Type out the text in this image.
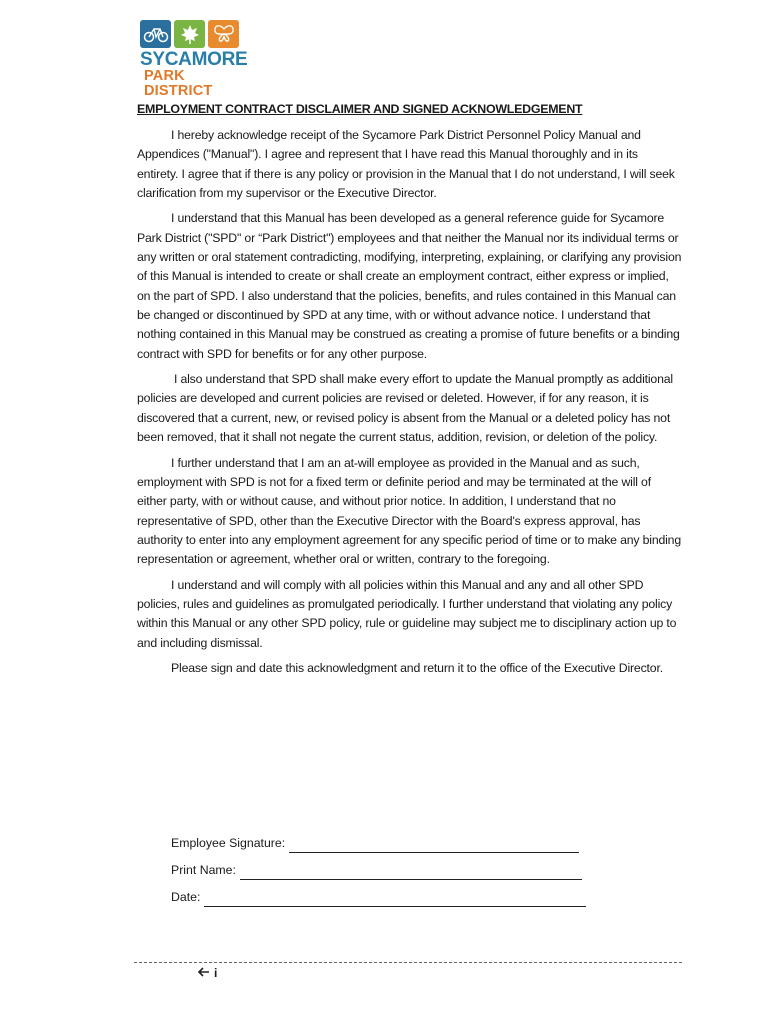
SYCAMORE
PARK DISTRICT

EMPLOYMENT CONTRACT DISCLAIMER AND SIGNED ACKNOWLEDGEMENT

I hereby acknowledge receipt of the Sycamore Park District Personnel Policy Manual and Appendices ("Manual"). I agree and represent that I have read this Manual thoroughly and in its entirety. I agree that if there is any policy or provision in the Manual that I do not understand, I will seek clarification from my supervisor or the Executive Director.

I understand that this Manual has been developed as a general reference guide for Sycamore Park District ("SPD" or “Park District") employees and that neither the Manual nor its individual terms or any written or oral statement contradicting, modifying, interpreting, explaining, or clarifying any provision of this Manual is intended to create or shall create an employment contract, either express or implied, on the part of SPD. I also understand that the policies, benefits, and rules contained in this Manual can be changed or discontinued by SPD at any time, with or without advance notice. I understand that nothing contained in this Manual may be construed as creating a promise of future benefits or a binding contract with SPD for benefits or for any other purpose.

I also understand that SPD shall make every effort to update the Manual promptly as additional policies are developed and current policies are revised or deleted. However, if for any reason, it is discovered that a current, new, or revised policy is absent from the Manual or a deleted policy has not been removed, that it shall not negate the current status, addition, revision, or deletion of the policy.

I further understand that I am an at-will employee as provided in the Manual and as such, employment with SPD is not for a fixed term or definite period and may be terminated at the will of either party, with or without cause, and without prior notice. In addition, I understand that no representative of SPD, other than the Executive Director with the Board's express approval, has authority to enter into any employment agreement for any specific period of time or to make any binding representation or agreement, whether oral or written, contrary to the foregoing.

I understand and will comply with all policies within this Manual and any and all other SPD policies, rules and guidelines as promulgated periodically. I further understand that violating any policy within this Manual or any other SPD policy, rule or guideline may subject me to disciplinary action up to and including dismissal.

Please sign and date this acknowledgment and return it to the office of the Executive Director.

Employee Signature:
Print Name:
Date:
i
